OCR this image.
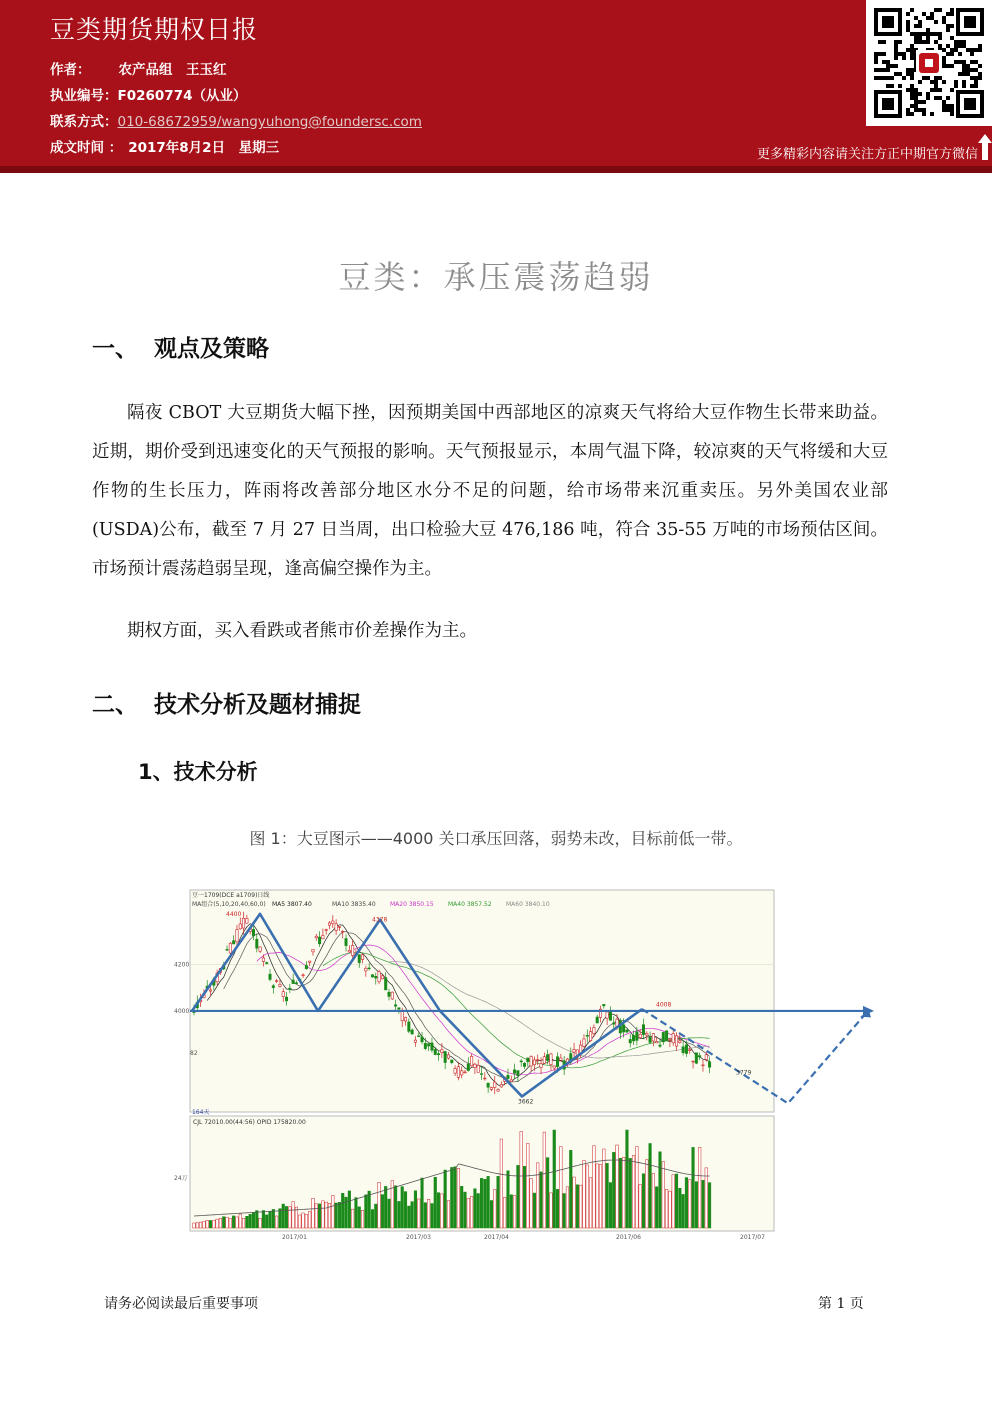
豆类期货期权日报
作者： 农产品组　王玉红
执业编号：F0260774（从业）
联系方式：010-68672959/wangyuhong@foundersc.com
成文时间 ： 2017年8月2日　星期三	更多精彩内容请关注方正中期官方微信
豆类：承压震荡趋弱
一、 观点及策略
隔夜 CBOT 大豆期货大幅下挫，因预期美国中西部地区的凉爽天气将给大豆作物生长带来助益。近期，期价受到迅速变化的天气预报的影响。天气预报显示，本周气温下降，较凉爽的天气将缓和大豆作物的生长压力，阵雨将改善部分地区水分不足的问题，给市场带来沉重卖压。另外美国农业部(USDA)公布，截至 7 月 27 日当周，出口检验大豆 476,186 吨，符合 35-55 万吨的市场预估区间。市场预计震荡趋弱呈现，逢高偏空操作为主。
期权方面，买入看跌或者熊市价差操作为主。
二、 技术分析及题材捕捉
1、技术分析
图 1：大豆图示——4000 关口承压回落，弱势未改，目标前低一带。
豆一1709(DCE a1709)日线
MA组合(5,10,20,40,60,0) MA5 3807.40	MA10 3835.40 MA20 3850.15 MA40 3857.52 MA60 3840.10
4400
4378
4008
3662
3779
4200
4000
82
CJL 72010.00(44:56) OPID 175820.00
24万
164天
2017/01	2017/03	2017/04	2017/06	2017/07
请务必阅读最后重要事项	第 1 页
